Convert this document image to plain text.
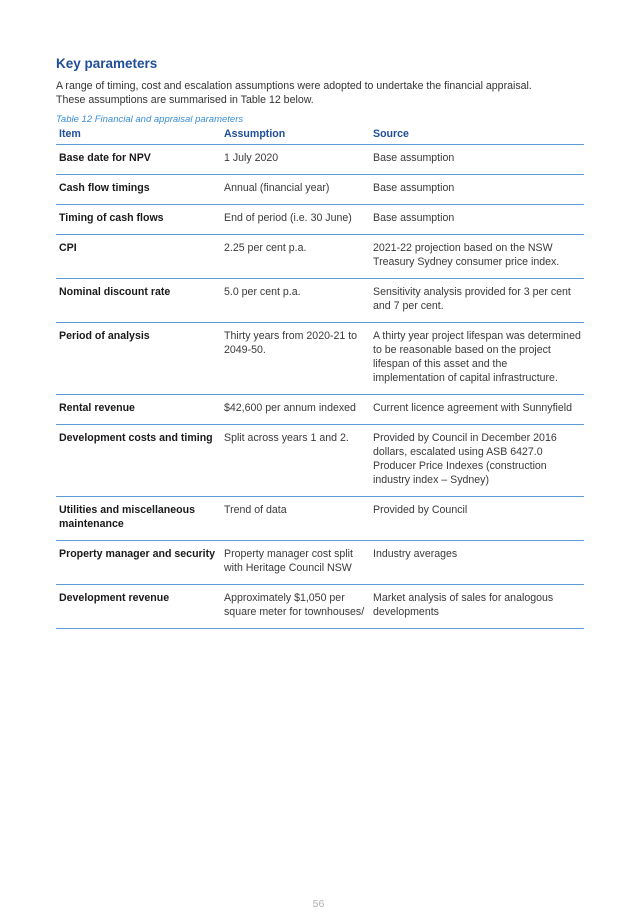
Key parameters

A range of timing, cost and escalation assumptions were adopted to undertake the financial appraisal.

These assumptions are summarised in Table 12 below.

Table 12 Financial and appraisal parameters
Item	Assumption	Source
Base date for NPV	1 July 2020	Base assumption
Cash flow timings	Annual (financial year)	Base assumption
Timing of cash flows	End of period (i.e. 30 June)	Base assumption
CPI	2.25 per cent p.a.	2021-22 projection based on the NSW Treasury Sydney consumer price index.
Nominal discount rate	5.0 per cent p.a.	Sensitivity analysis provided for 3 per cent and 7 per cent.
Period of analysis	Thirty years from 2020-21 to 2049-50.	A thirty year project lifespan was determined to be reasonable based on the project lifespan of this asset and the implementation of capital infrastructure.
Rental revenue	$42,600 per annum indexed	Current licence agreement with Sunnyfield
Development costs and timing	Split across years 1 and 2.	Provided by Council in December 2016 dollars, escalated using ASB 6427.0 Producer Price Indexes (construction industry index – Sydney)
Utilities and miscellaneous maintenance	Trend of data	Provided by Council
Property manager and security	Property manager cost split with Heritage Council NSW	Industry averages
Development revenue	Approximately $1,050 per square meter for townhouses/	Market analysis of sales for analogous developments
56
